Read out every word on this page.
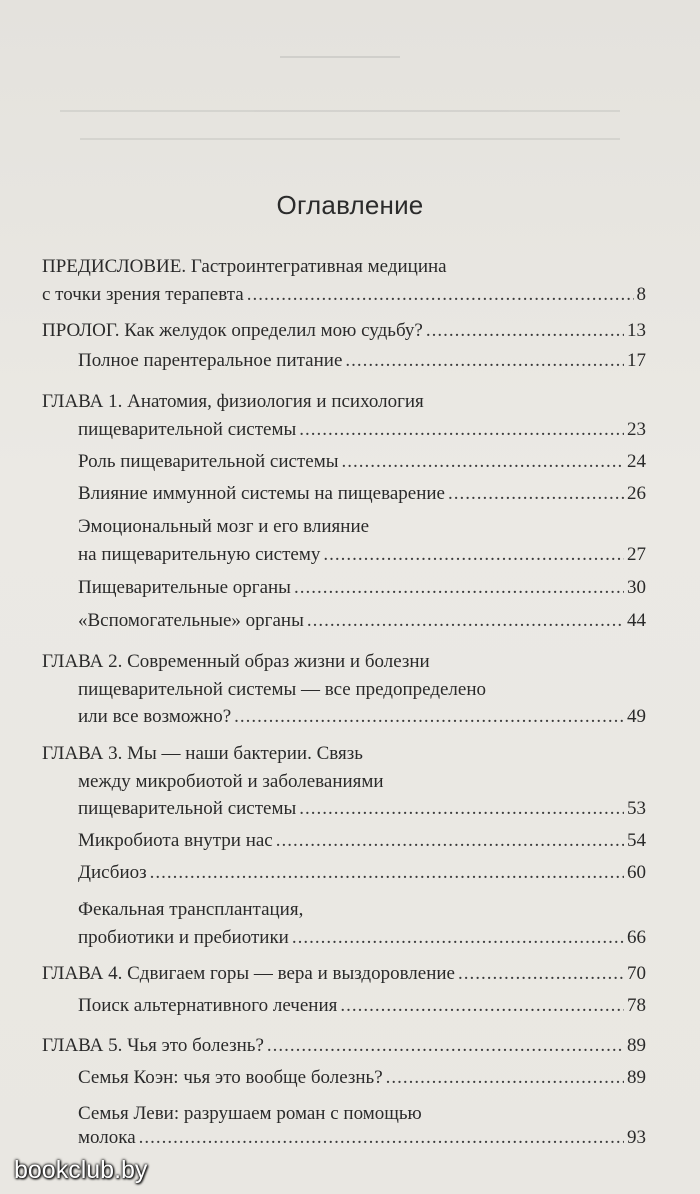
Оглавление
ПРЕДИСЛОВИЕ. Гастроинтегративная медицина
с точки зрения терапевта .....	8
ПРОЛОГ. Как желудок определил мою судьбу? .....	13
Полное парентеральное питание .....	17
ГЛАВА 1. Анатомия, физиология и психология
пищеварительной системы .....	23
Роль пищеварительной системы .....	24
Влияние иммунной системы на пищеварение .....	26
Эмоциональный мозг и его влияние
на пищеварительную систему .....	27
Пищеварительные органы .....	30
«Вспомогательные» органы .....	44
ГЛАВА 2. Современный образ жизни и болезни
пищеварительной системы — все предопределено
или все возможно? .....	49
ГЛАВА 3. Мы — наши бактерии. Связь
между микробиотой и заболеваниями
пищеварительной системы .....	53
Микробиота внутри нас .....	54
Дисбиоз .....	60
Фекальная трансплантация,
пробиотики и пребиотики .....	66
ГЛАВА 4. Сдвигаем горы — вера и выздоровление .....	70
Поиск альтернативного лечения .....	78
ГЛАВА 5. Чья это болезнь? .....	89
Семья Коэн: чья это вообще болезнь? .....	89
Семья Леви: разрушаем роман с помощью
молока .....	93
bookclub.by
